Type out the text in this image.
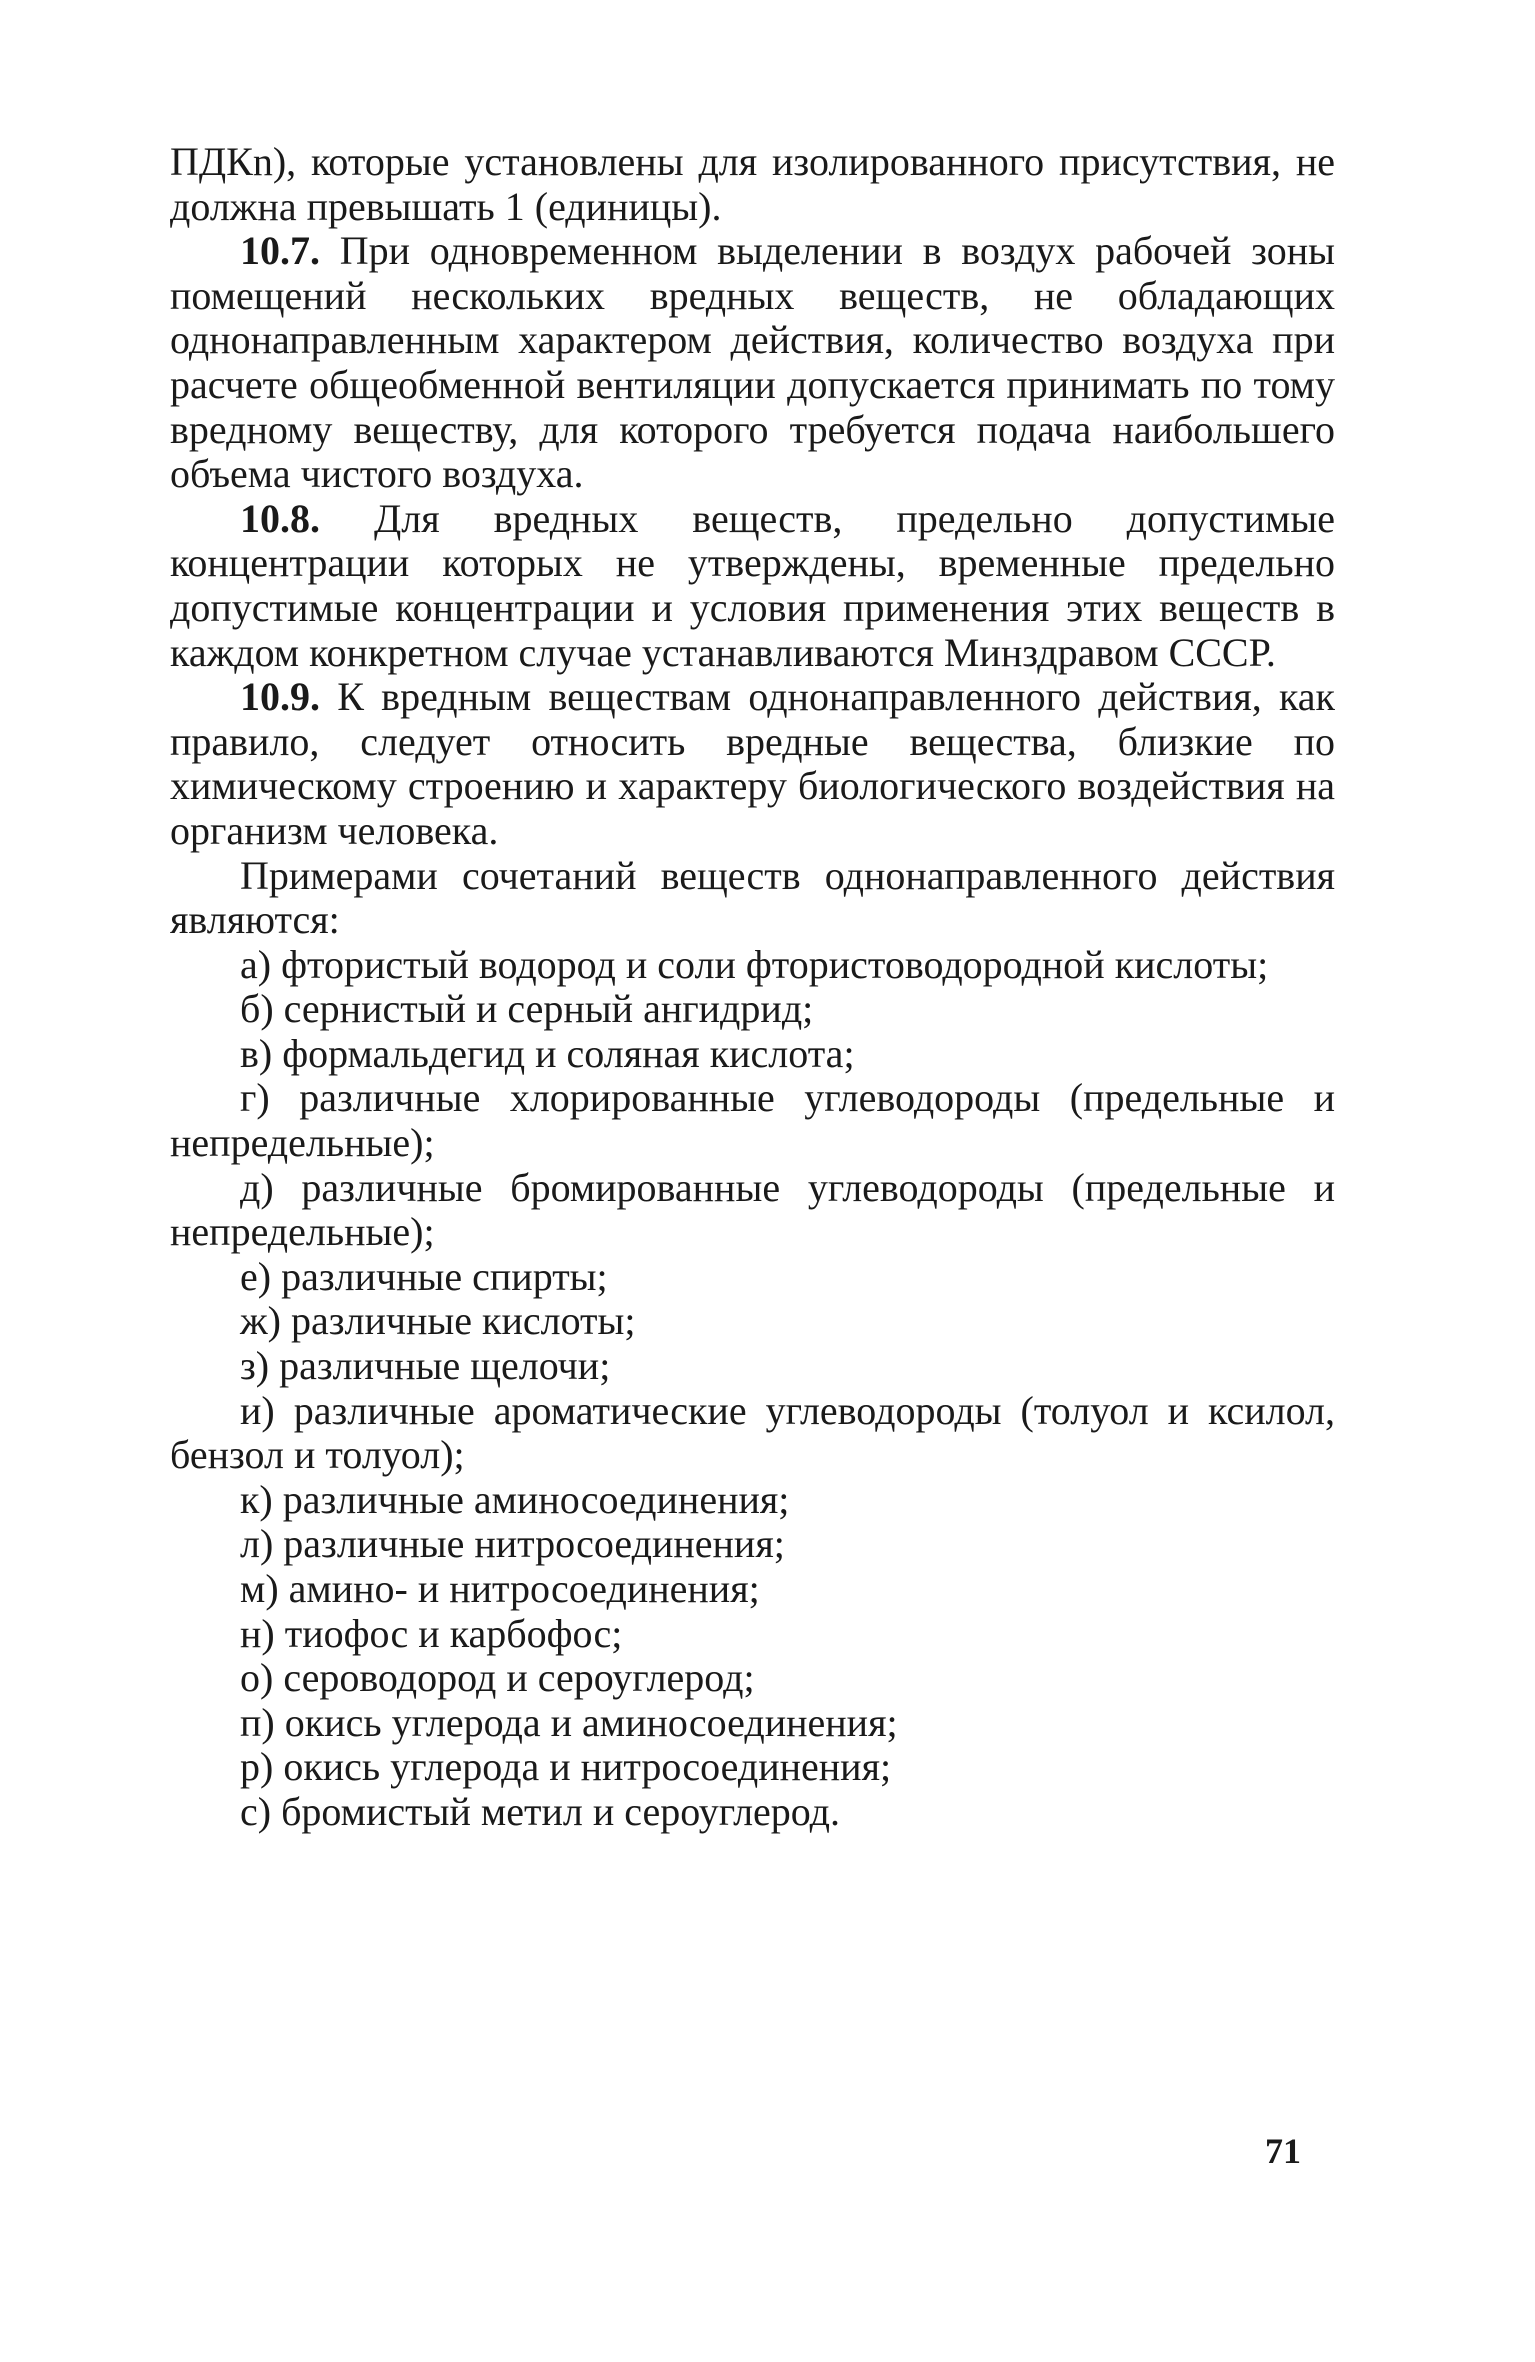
ПДКn), которые установлены для изолированного присутствия, не должна превышать 1 (единицы).

10.7. При одновременном выделении в воздух рабочей зоны помещений нескольких вредных веществ, не обладающих однонаправленным характером действия, количество воздуха при расчете общеобменной вентиляции допускается принимать по тому вредному веществу, для которого требуется подача наибольшего объема чистого воздуха.

10.8. Для вредных веществ, предельно допустимые концентрации которых не утверждены, временные предельно допустимые концентрации и условия применения этих веществ в каждом конкретном случае устанавливаются Минздравом СССР.

10.9. К вредным веществам однонаправленного действия, как правило, следует относить вредные вещества, близкие по химическому строению и характеру биологического воздействия на организм человека.

Примерами сочетаний веществ однонаправленного действия являются:

а) фтористый водород и соли фтористоводородной кислоты;

б) сернистый и серный ангидрид;

в) формальдегид и соляная кислота;

г) различные хлорированные углеводороды (предельные и непредельные);

д) различные бромированные углеводороды (предельные и непредельные);

е) различные спирты;

ж) различные кислоты;

з) различные щелочи;

и) различные ароматические углеводороды (толуол и ксилол, бензол и толуол);

к) различные аминосоединения;

л) различные нитросоединения;

м) амино- и нитросоединения;

н) тиофос и карбофос;

о) сероводород и сероуглерод;

п) окись углерода и аминосоединения;

р) окись углерода и нитросоединения;

с) бромистый метил и сероуглерод.

71
